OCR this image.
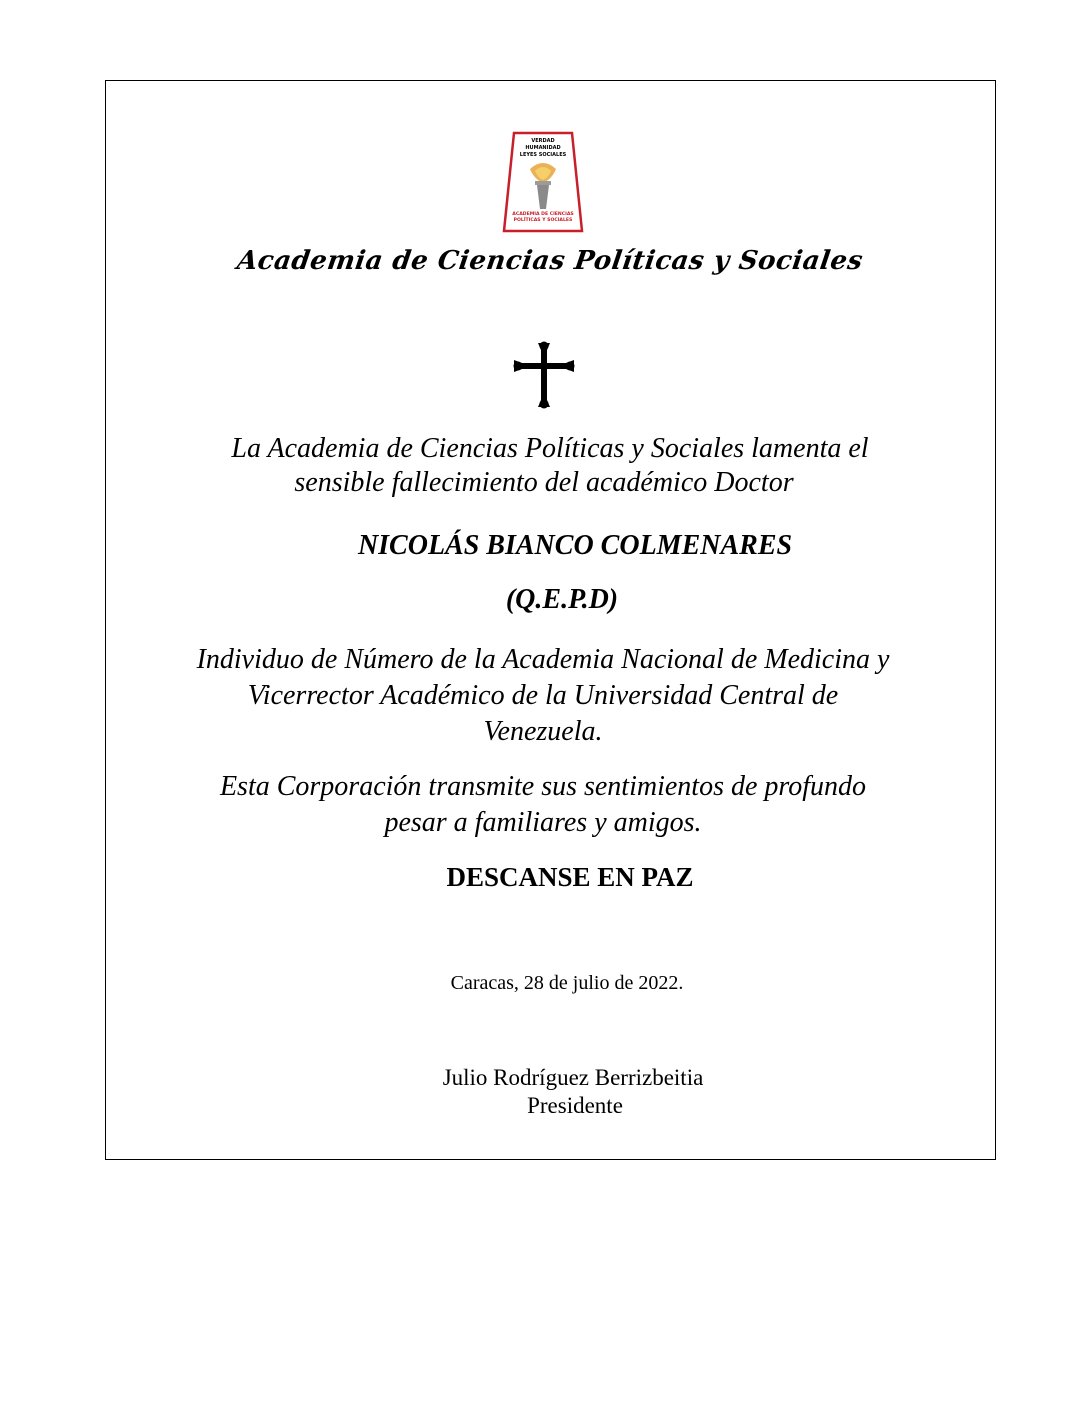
VERDAD
HUMANIDAD
LEYES SOCIALES
ACADEMIA DE CIENCIAS
POLÍTICAS Y SOCIALES
Academia de Ciencias Políticas y Sociales
La Academia de Ciencias Políticas y Sociales lamenta el
sensible fallecimiento del académico Doctor
NICOLÁS BIANCO COLMENARES
(Q.E.P.D)
Individuo de Número de la Academia Nacional de Medicina y
Vicerrector Académico de la Universidad Central de
Venezuela.
Esta Corporación transmite sus sentimientos de profundo
pesar a familiares y amigos.
DESCANSE EN PAZ
Caracas, 28 de julio de 2022.
Julio Rodríguez Berrizbeitia
Presidente
